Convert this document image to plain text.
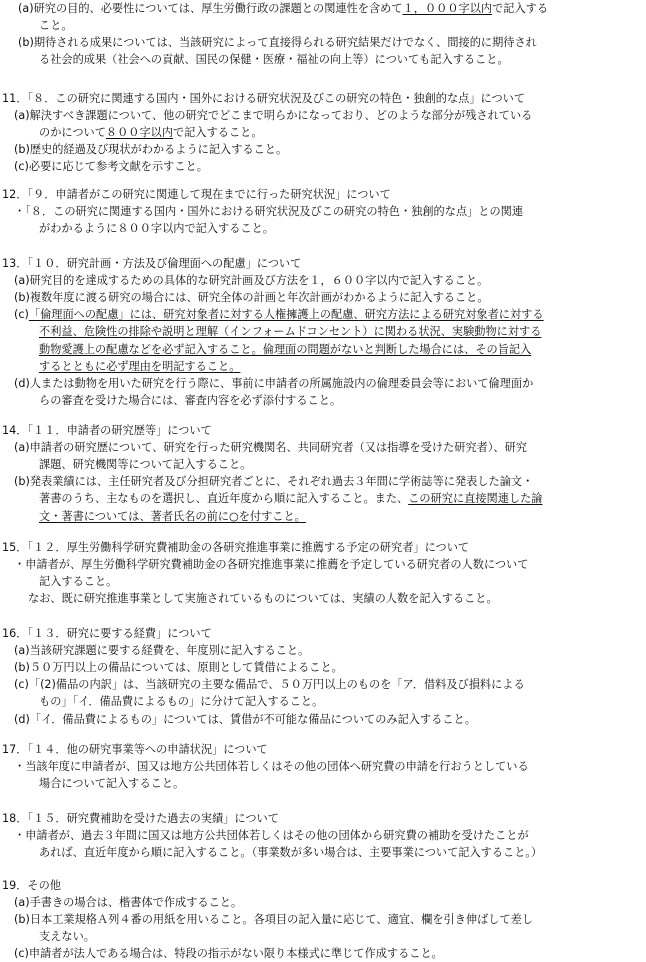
(a)研究の目的、必要性については、厚生労働行政の課題との関連性を含めて１，０００字以内で記入する
こと。
(b)期待される成果については、当該研究によって直接得られる研究結果だけでなく、間接的に期待され
る社会的成果（社会への貢献、国民の保健・医療・福祉の向上等）についても記入すること。
11．「８．この研究に関連する国内・国外における研究状況及びこの研究の特色・独創的な点」について
(a)解決すべき課題について、他の研究でどこまで明らかになっており、どのような部分が残されている
のかについて８００字以内で記入すること。
(b)歴史的経過及び現状がわかるように記入すること。
(c)必要に応じて参考文献を示すこと。
12．「９．申請者がこの研究に関連して現在までに行った研究状況」について
・「８．この研究に関連する国内・国外における研究状況及びこの研究の特色・独創的な点」との関連
がわかるように８００字以内で記入すること。
13．「１０．研究計画・方法及び倫理面への配慮」について
(a)研究目的を達成するための具体的な研究計画及び方法を１，６００字以内で記入すること。
(b)複数年度に渡る研究の場合には、研究全体の計画と年次計画がわかるように記入すること。
(c)「倫理面への配慮」には、研究対象者に対する人権擁護上の配慮、研究方法による研究対象者に対する
不利益、危険性の排除や説明と理解（インフォームドコンセント）に関わる状況、実験動物に対する
動物愛護上の配慮などを必ず記入すること。倫理面の問題がないと判断した場合には、その旨記入
するとともに必ず理由を明記すること。
(d)人または動物を用いた研究を行う際に、事前に申請者の所属施設内の倫理委員会等において倫理面か
らの審査を受けた場合には、審査内容を必ず添付すること。
14．「１１．申請者の研究歴等」について
(a)申請者の研究歴について、研究を行った研究機関名、共同研究者（又は指導を受けた研究者）、研究
課題、研究機関等について記入すること。
(b)発表業績には、主任研究者及び分担研究者ごとに、それぞれ過去３年間に学術誌等に発表した論文・
著書のうち、主なものを選択し、直近年度から順に記入すること。また、この研究に直接関連した論
文・著書については、著者氏名の前に○を付すこと。
15．「１２．厚生労働科学研究費補助金の各研究推進事業に推薦する予定の研究者」について
・申請者が、厚生労働科学研究費補助金の各研究推進事業に推薦を予定している研究者の人数について
記入すること。
なお、既に研究推進事業として実施されているものについては、実績の人数を記入すること。
16．「１３．研究に要する経費」について
(a)当該研究課題に要する経費を、年度別に記入すること。
(b)５０万円以上の備品については、原則として賃借によること。
(c)「(2)備品の内訳」は、当該研究の主要な備品で、５０万円以上のものを「ア．借料及び損料による
もの」「イ．備品費によるもの」に分けて記入すること。
(d)「イ．備品費によるもの」については、賃借が不可能な備品についてのみ記入すること。
17．「１４．他の研究事業等への申請状況」について
・当該年度に申請者が、国又は地方公共団体若しくはその他の団体へ研究費の申請を行おうとしている
場合について記入すること。
18．「１５．研究費補助を受けた過去の実績」について
・申請者が、過去３年間に国又は地方公共団体若しくはその他の団体から研究費の補助を受けたことが
あれば、直近年度から順に記入すること。（事業数が多い場合は、主要事業について記入すること。）
19．その他
(a)手書きの場合は、楷書体で作成すること。
(b)日本工業規格Ａ列４番の用紙を用いること。各項目の記入量に応じて、適宜、欄を引き伸ばして差し
支えない。
(c)申請者が法人である場合は、特段の指示がない限り本様式に準じて作成すること。
